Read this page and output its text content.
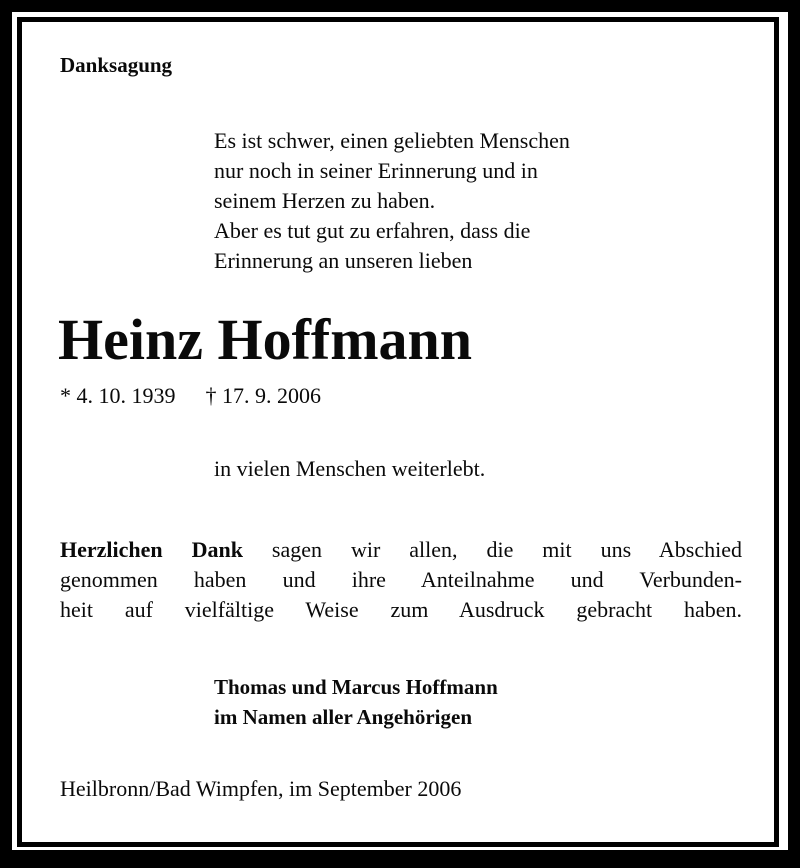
Danksagung
Es ist schwer, einen geliebten Menschen
nur noch in seiner Erinnerung und in
seinem Herzen zu haben.
Aber es tut gut zu erfahren, dass die
Erinnerung an unseren lieben
Heinz Hoffmann
* 4. 10. 1939 † 17. 9. 2006
in vielen Menschen weiterlebt.

Herzlichen Dank sagen wir allen, die mit uns Abschied
genommen haben und ihre Anteilnahme und Verbunden-
heit auf vielfältige Weise zum Ausdruck gebracht haben.

Thomas und Marcus Hoffmann
im Namen aller Angehörigen
Heilbronn/Bad Wimpfen, im September 2006
